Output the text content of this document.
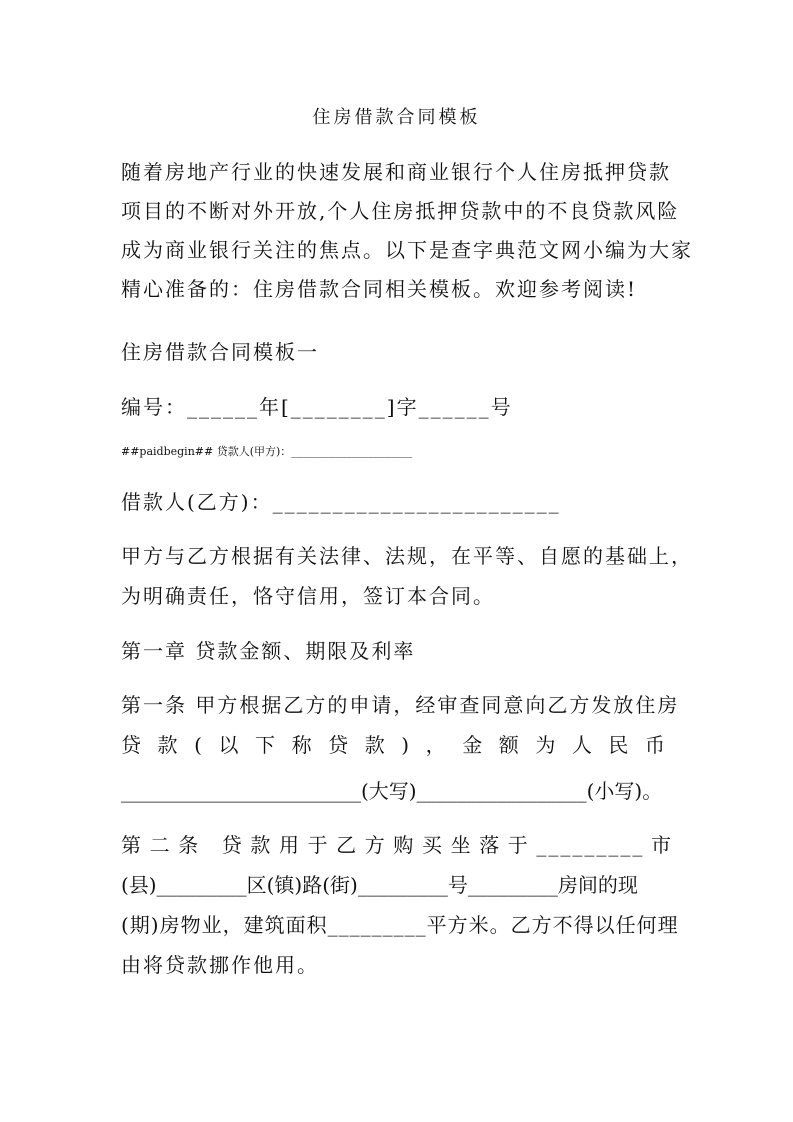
住房借款合同模板
随着房地产行业的快速发展和商业银行个人住房抵押贷款
项目的不断对外开放,个人住房抵押贷款中的不良贷款风险
成为商业银行关注的焦点。以下是查字典范文网小编为大家
精心准备的：住房借款合同相关模板。欢迎参考阅读!
住房借款合同模板一
编号：______年[________]字______号
##paidbegin## 贷款人(甲方)：______________________
借款人(乙方)：________________________
甲方与乙方根据有关法律、法规，在平等、自愿的基础上，
为明确责任，恪守信用，签订本合同。
第一章 贷款金额、期限及利率
第一条 甲方根据乙方的申请，经审查同意向乙方发放住房
贷款(以下称贷款)，金额为人民币
________________________(大写)_________________(小写)。
第二条 贷款用于乙方购买坐落于_________市
(县)_________区(镇)路(街)_________号_________房间的现
(期)房物业，建筑面积_________平方米。乙方不得以任何理
由将贷款挪作他用。
